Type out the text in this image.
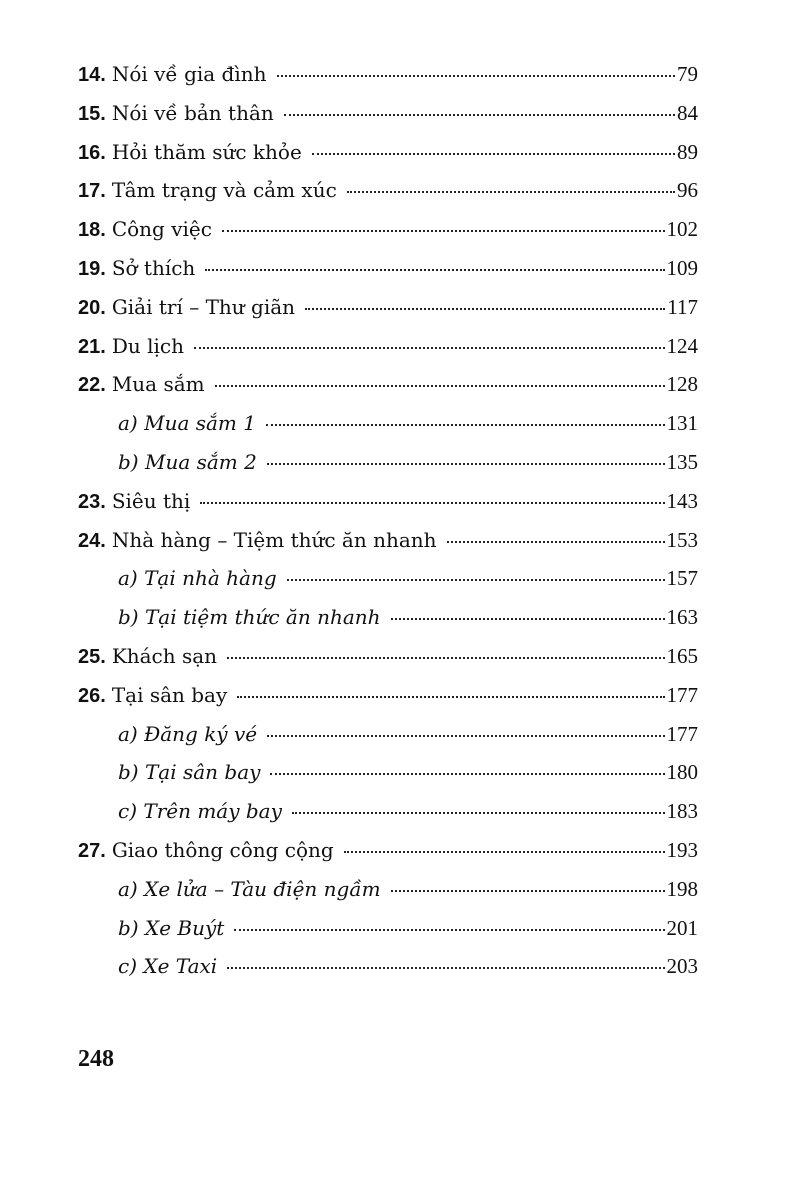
14. Nói về gia đình	79
15. Nói về bản thân	84
16. Hỏi thăm sức khỏe	89
17. Tâm trạng và cảm xúc	96
18. Công việc	102
19. Sở thích	109
20. Giải trí – Thư giãn	117
21. Du lịch	124
22. Mua sắm	128
a) Mua sắm 1	131
b) Mua sắm 2	135
23. Siêu thị	143
24. Nhà hàng – Tiệm thức ăn nhanh	153
a) Tại nhà hàng	157
b) Tại tiệm thức ăn nhanh	163
25. Khách sạn	165
26. Tại sân bay	177
a) Đăng ký vé	177
b) Tại sân bay	180
c) Trên máy bay	183
27. Giao thông công cộng	193
a) Xe lửa – Tàu điện ngầm	198
b) Xe Buýt	201
c) Xe Taxi	203
248
